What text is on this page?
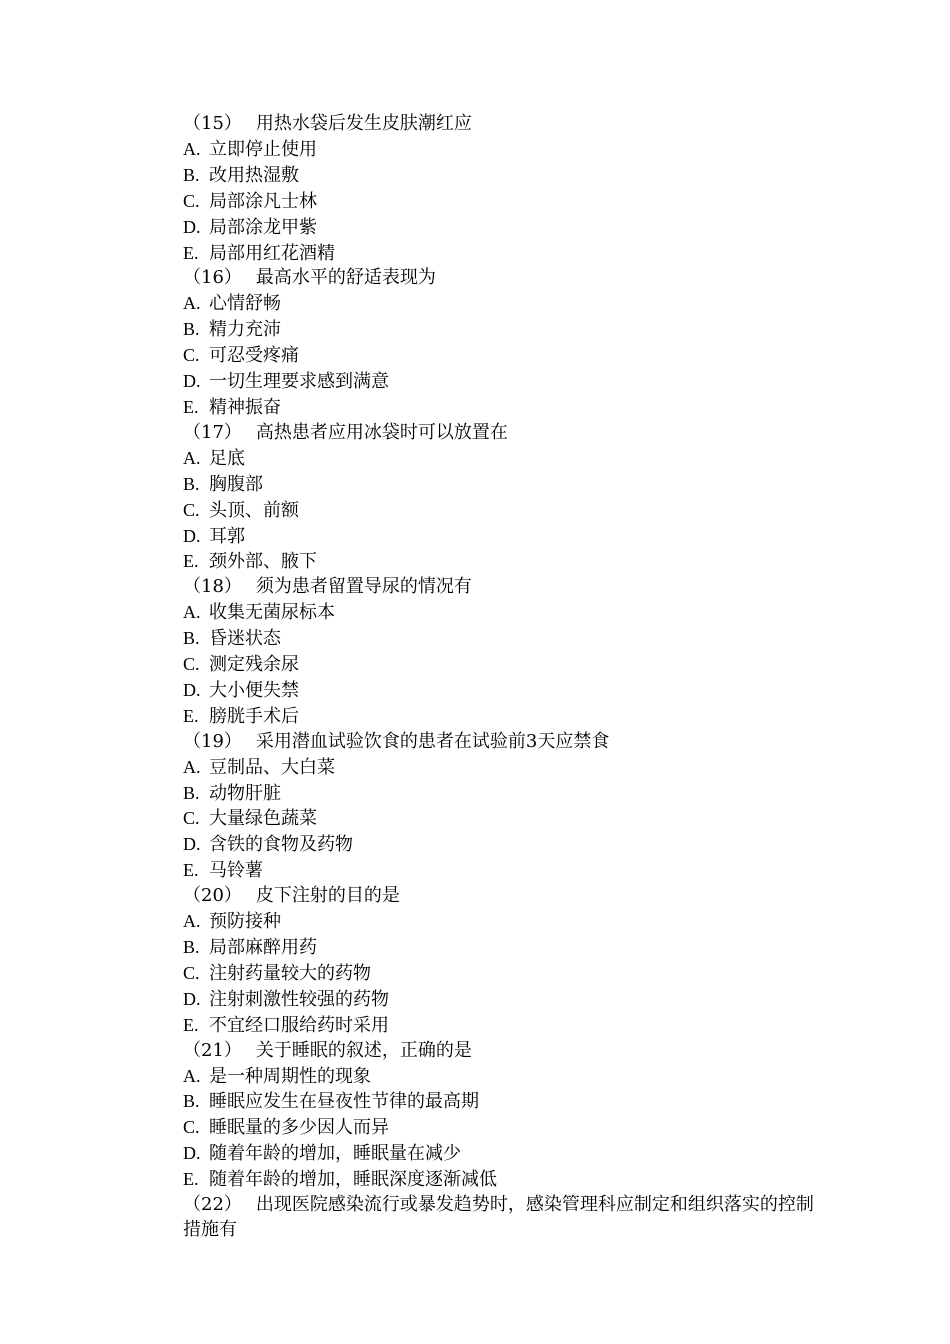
（15） 用热水袋后发生皮肤潮红应
A. 立即停止使用
B. 改用热湿敷
C. 局部涂凡士林
D. 局部涂龙甲紫
E. 局部用红花酒精
（16） 最高水平的舒适表现为
A. 心情舒畅
B. 精力充沛
C. 可忍受疼痛
D. 一切生理要求感到满意
E. 精神振奋
（17） 高热患者应用冰袋时可以放置在
A. 足底
B. 胸腹部
C. 头顶、前额
D. 耳郭
E. 颈外部、腋下
（18） 须为患者留置导尿的情况有
A. 收集无菌尿标本
B. 昏迷状态
C. 测定残余尿
D. 大小便失禁
E. 膀胱手术后
（19） 采用潜血试验饮食的患者在试验前3天应禁食
A. 豆制品、大白菜
B. 动物肝脏
C. 大量绿色蔬菜
D. 含铁的食物及药物
E. 马铃薯
（20） 皮下注射的目的是
A. 预防接种
B. 局部麻醉用药
C. 注射药量较大的药物
D. 注射刺激性较强的药物
E. 不宜经口服给药时采用
（21） 关于睡眠的叙述，正确的是
A. 是一种周期性的现象
B. 睡眠应发生在昼夜性节律的最高期
C. 睡眠量的多少因人而异
D. 随着年龄的增加，睡眠量在减少
E. 随着年龄的增加，睡眠深度逐渐减低
（22） 出现医院感染流行或暴发趋势时，感染管理科应制定和组织落实的控制措施有
